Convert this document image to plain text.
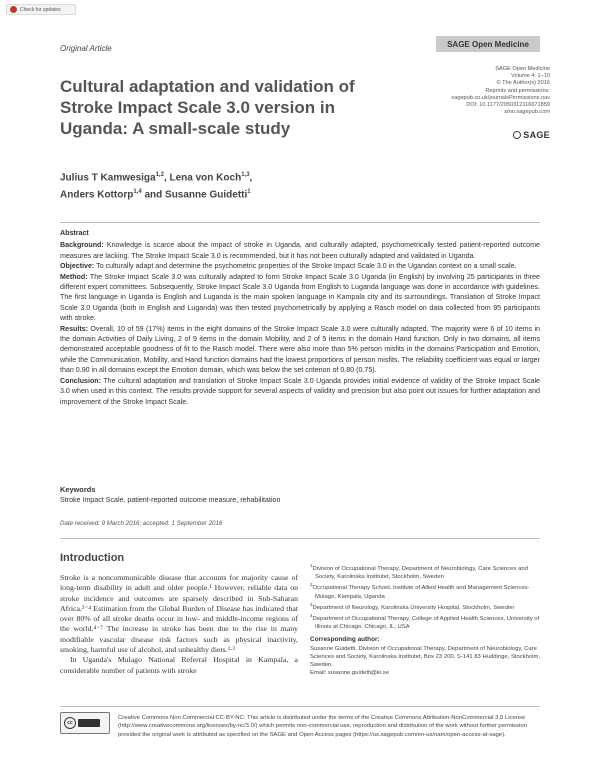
Check for updates
Original Article	SAGE Open Medicine
SAGE Open Medicine
Volume 4: 1–10
© The Author(s) 2016
Reprints and permissions:
sagepub.co.uk/journalsPermissions.nav
DOI: 10.1177/2050312116671859
smo.sagepub.com
SAGE
Cultural adaptation and validation of Stroke Impact Scale 3.0 version in Uganda: A small-scale study
Julius T Kamwesiga$^{1,2}$, Lena von Koch$^{1,3}$,
Anders Kottorp$^{1,4}$ and Susanne Guidetti$^1$
Abstract

Background: Knowledge is scarce about the impact of stroke in Uganda, and culturally adapted, psychometrically tested patient-reported outcome measures are lacking. The Stroke Impact Scale 3.0 is recommended, but it has not been culturally adapted and validated in Uganda.

Objective: To culturally adapt and determine the psychometric properties of the Stroke Impact Scale 3.0 in the Ugandan context on a small scale.

Method: The Stroke Impact Scale 3.0 was culturally adapted to form Stroke Impact Scale 3.0 Uganda (in English) by involving 25 participants in three different expert committees. Subsequently, Stroke Impact Scale 3.0 Uganda from English to Luganda language was done in accordance with guidelines. The first language in Uganda is English and Luganda is the main spoken language in Kampala city and its surroundings. Translation of Stroke Impact Scale 3.0 Uganda (both in English and Luganda) was then tested psychometrically by applying a Rasch model on data collected from 95 participants with stroke.

Results: Overall, 10 of 59 (17%) items in the eight domains of the Stroke Impact Scale 3.0 were culturally adapted. The majority were 6 of 10 items in the domain Activities of Daily Living, 2 of 9 items in the domain Mobility, and 2 of 5 items in the domain Hand function. Only in two domains, all items demonstrated acceptable goodness of fit to the Rasch model. There were also more than 5% person misfits in the domains Participation and Emotion, while the Communication, Mobility, and Hand function domains had the lowest proportions of person misfits. The reliability coefficient was equal or larger than 0.90 in all domains except the Emotion domain, which was below the set criterion of 0.80 (0.75).

Conclusion: The cultural adaptation and translation of Stroke Impact Scale 3.0 Uganda provides initial evidence of validity of the Stroke Impact Scale 3.0 when used in this context. The results provide support for several aspects of validity and precision but also point out issues for further adaptation and improvement of the Stroke Impact Scale.

Keywords
Stroke Impact Scale, patient-reported outcome measure, rehabilitation
Date received: 9 March 2016; accepted: 1 September 2016
Introduction

Stroke is a noncommunicable disease that accounts for majority cause of long-term disability in adult and older people.¹ However, reliable data on stroke incidence and outcomes are sparsely described in Sub-Saharan Africa.²⁻⁴ Estimation from the Global Burden of Disease has indicated that over 80% of all stroke deaths occur in low- and middle-income regions of the world.⁴⁻⁷ The increase in stroke has been due to the rise in many modifiable vascular disease risk factors such as physical inactivity, smoking, harmful use of alcohol, and unhealthy diets.²·³

In Uganda's Mulago National Referral Hospital in Kampala, a considerable number of patients with stroke

$^1$Division of Occupational Therapy, Department of Neurobiology, Care Sciences and Society, Karolinska Institutet, Stockholm, Sweden

$^2$Occupational Therapy School, Institute of Allied Health and Management Sciences-Mulago, Kampala, Uganda

$^3$Department of Neurology, Karolinska University Hospital, Stockholm, Sweden

$^4$Department of Occupational Therapy, College of Applied Health Sciences, University of Illinois at Chicago, Chicago, IL, USA

Corresponding author:

Susanne Guidetti, Division of Occupational Therapy, Department of Neurobiology, Care Sciences and Society, Karolinska Institutet, Box 23 200, S-141 83 Huddinge, Stockholm, Sweden.

Email: susanne.guidetti@ki.se

cc
Creative Commons Non Commercial CC-BY-NC: This article is distributed under the terms of the Creative Commons Attribution-NonCommercial 3.0 License (http://www.creativecommons.org/licenses/by-nc/3.0/) which permits non-commercial use, reproduction and distribution of the work without further permission provided the original work is attributed as specified on the SAGE and Open Access pages (https://us.sagepub.com/en-us/nam/open-access-at-sage).
